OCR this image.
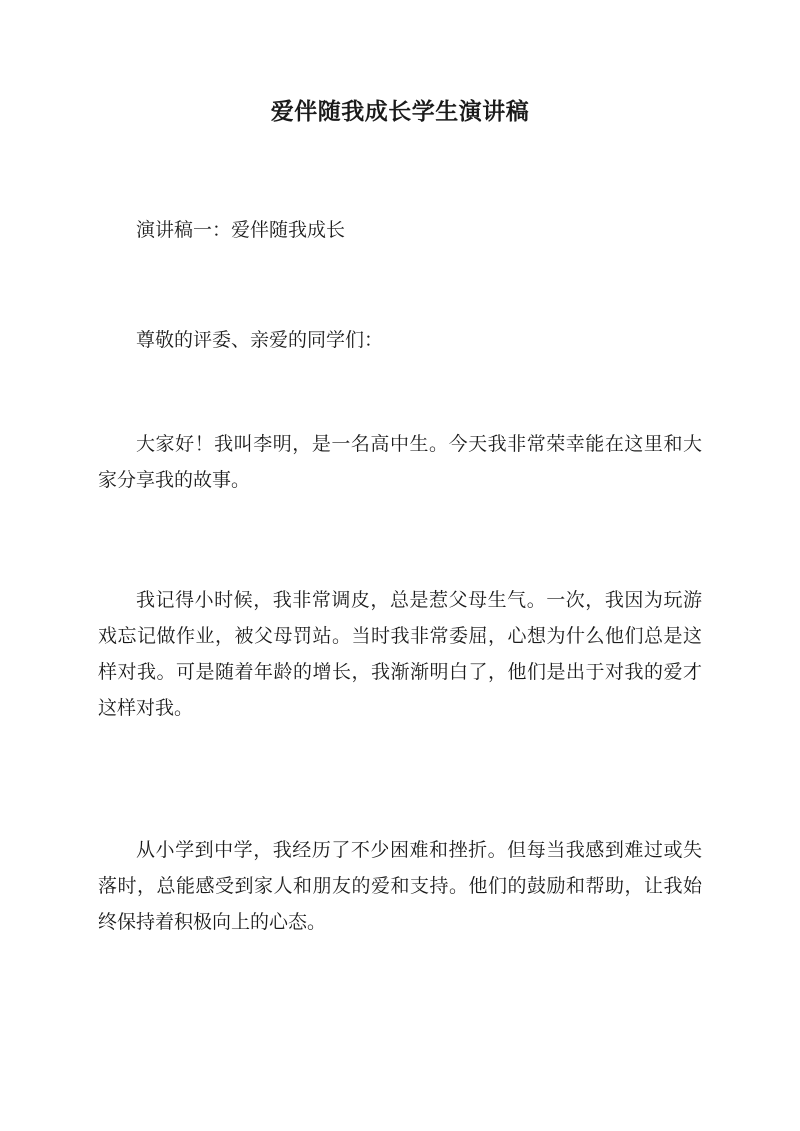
爱伴随我成长学生演讲稿

演讲稿一：爱伴随我成长

尊敬的评委、亲爱的同学们：

大家好！我叫李明，是一名高中生。今天我非常荣幸能在这里和大家分享我的故事。

我记得小时候，我非常调皮，总是惹父母生气。一次，我因为玩游戏忘记做作业，被父母罚站。当时我非常委屈，心想为什么他们总是这样对我。可是随着年龄的增长，我渐渐明白了，他们是出于对我的爱才这样对我。

从小学到中学，我经历了不少困难和挫折。但每当我感到难过或失落时，总能感受到家人和朋友的爱和支持。他们的鼓励和帮助，让我始终保持着积极向上的心态。
